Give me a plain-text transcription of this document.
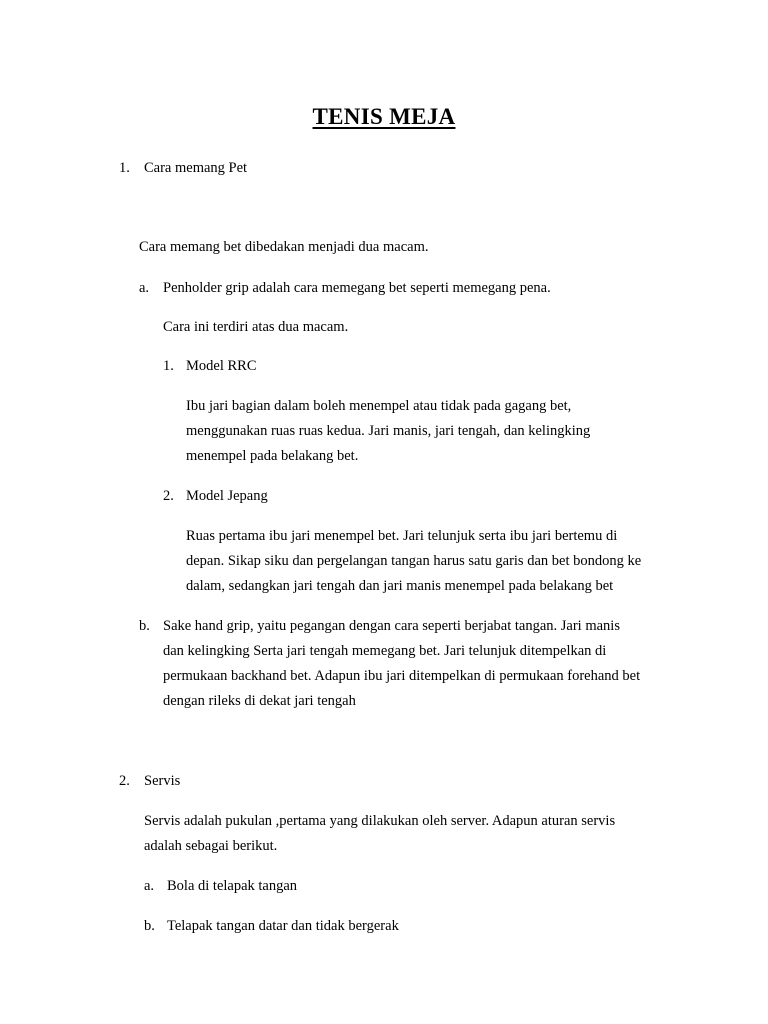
TENIS MEJA
1. Cara memang Pet
Cara memang bet dibedakan menjadi dua macam.
a. Penholder grip adalah cara memegang bet seperti memegang pena.
Cara ini terdiri atas dua macam.
1. Model RRC
Ibu jari bagian dalam boleh menempel atau tidak pada gagang bet,
menggunakan ruas ruas kedua. Jari manis, jari tengah, dan kelingking
menempel pada belakang bet.
2. Model Jepang
Ruas pertama ibu jari menempel bet. Jari telunjuk serta ibu jari bertemu di
depan. Sikap siku dan pergelangan tangan harus satu garis dan bet bondong ke
dalam, sedangkan jari tengah dan jari manis menempel pada belakang bet
b. Sake hand grip, yaitu pegangan dengan cara seperti berjabat tangan. Jari manis
dan kelingking Serta jari tengah memegang bet. Jari telunjuk ditempelkan di
permukaan backhand bet. Adapun ibu jari ditempelkan di permukaan forehand bet
dengan rileks di dekat jari tengah
2. Servis
Servis adalah pukulan ,pertama yang dilakukan oleh server. Adapun aturan servis
adalah sebagai berikut.
a. Bola di telapak tangan
b. Telapak tangan datar dan tidak bergerak
